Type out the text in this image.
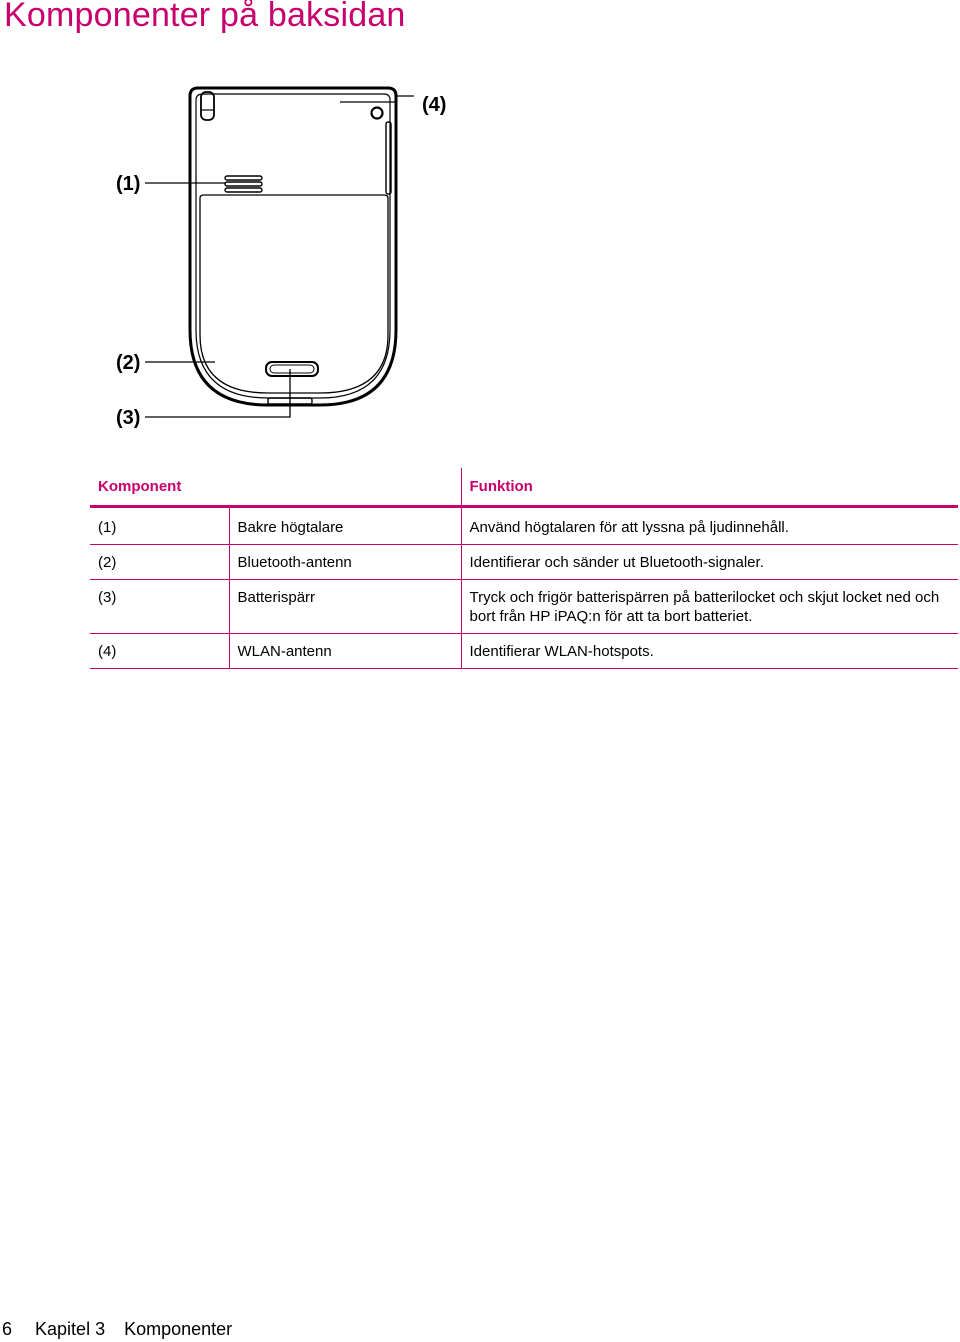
Komponenter på baksidan
(1)
(2)
(3)
(4)
Komponent		Funktion
(1)	Bakre högtalare	Använd högtalaren för att lyssna på ljudinnehåll.
(2)	Bluetooth-antenn	Identifierar och sänder ut Bluetooth-signaler.
(3)	Batterispärr	Tryck och frigör batterispärren på batterilocket och skjut locket ned och bort från HP iPAQ:n för att ta bort batteriet.
(4)	WLAN-antenn	Identifierar WLAN-hotspots.
6 Kapitel 3 Komponenter
